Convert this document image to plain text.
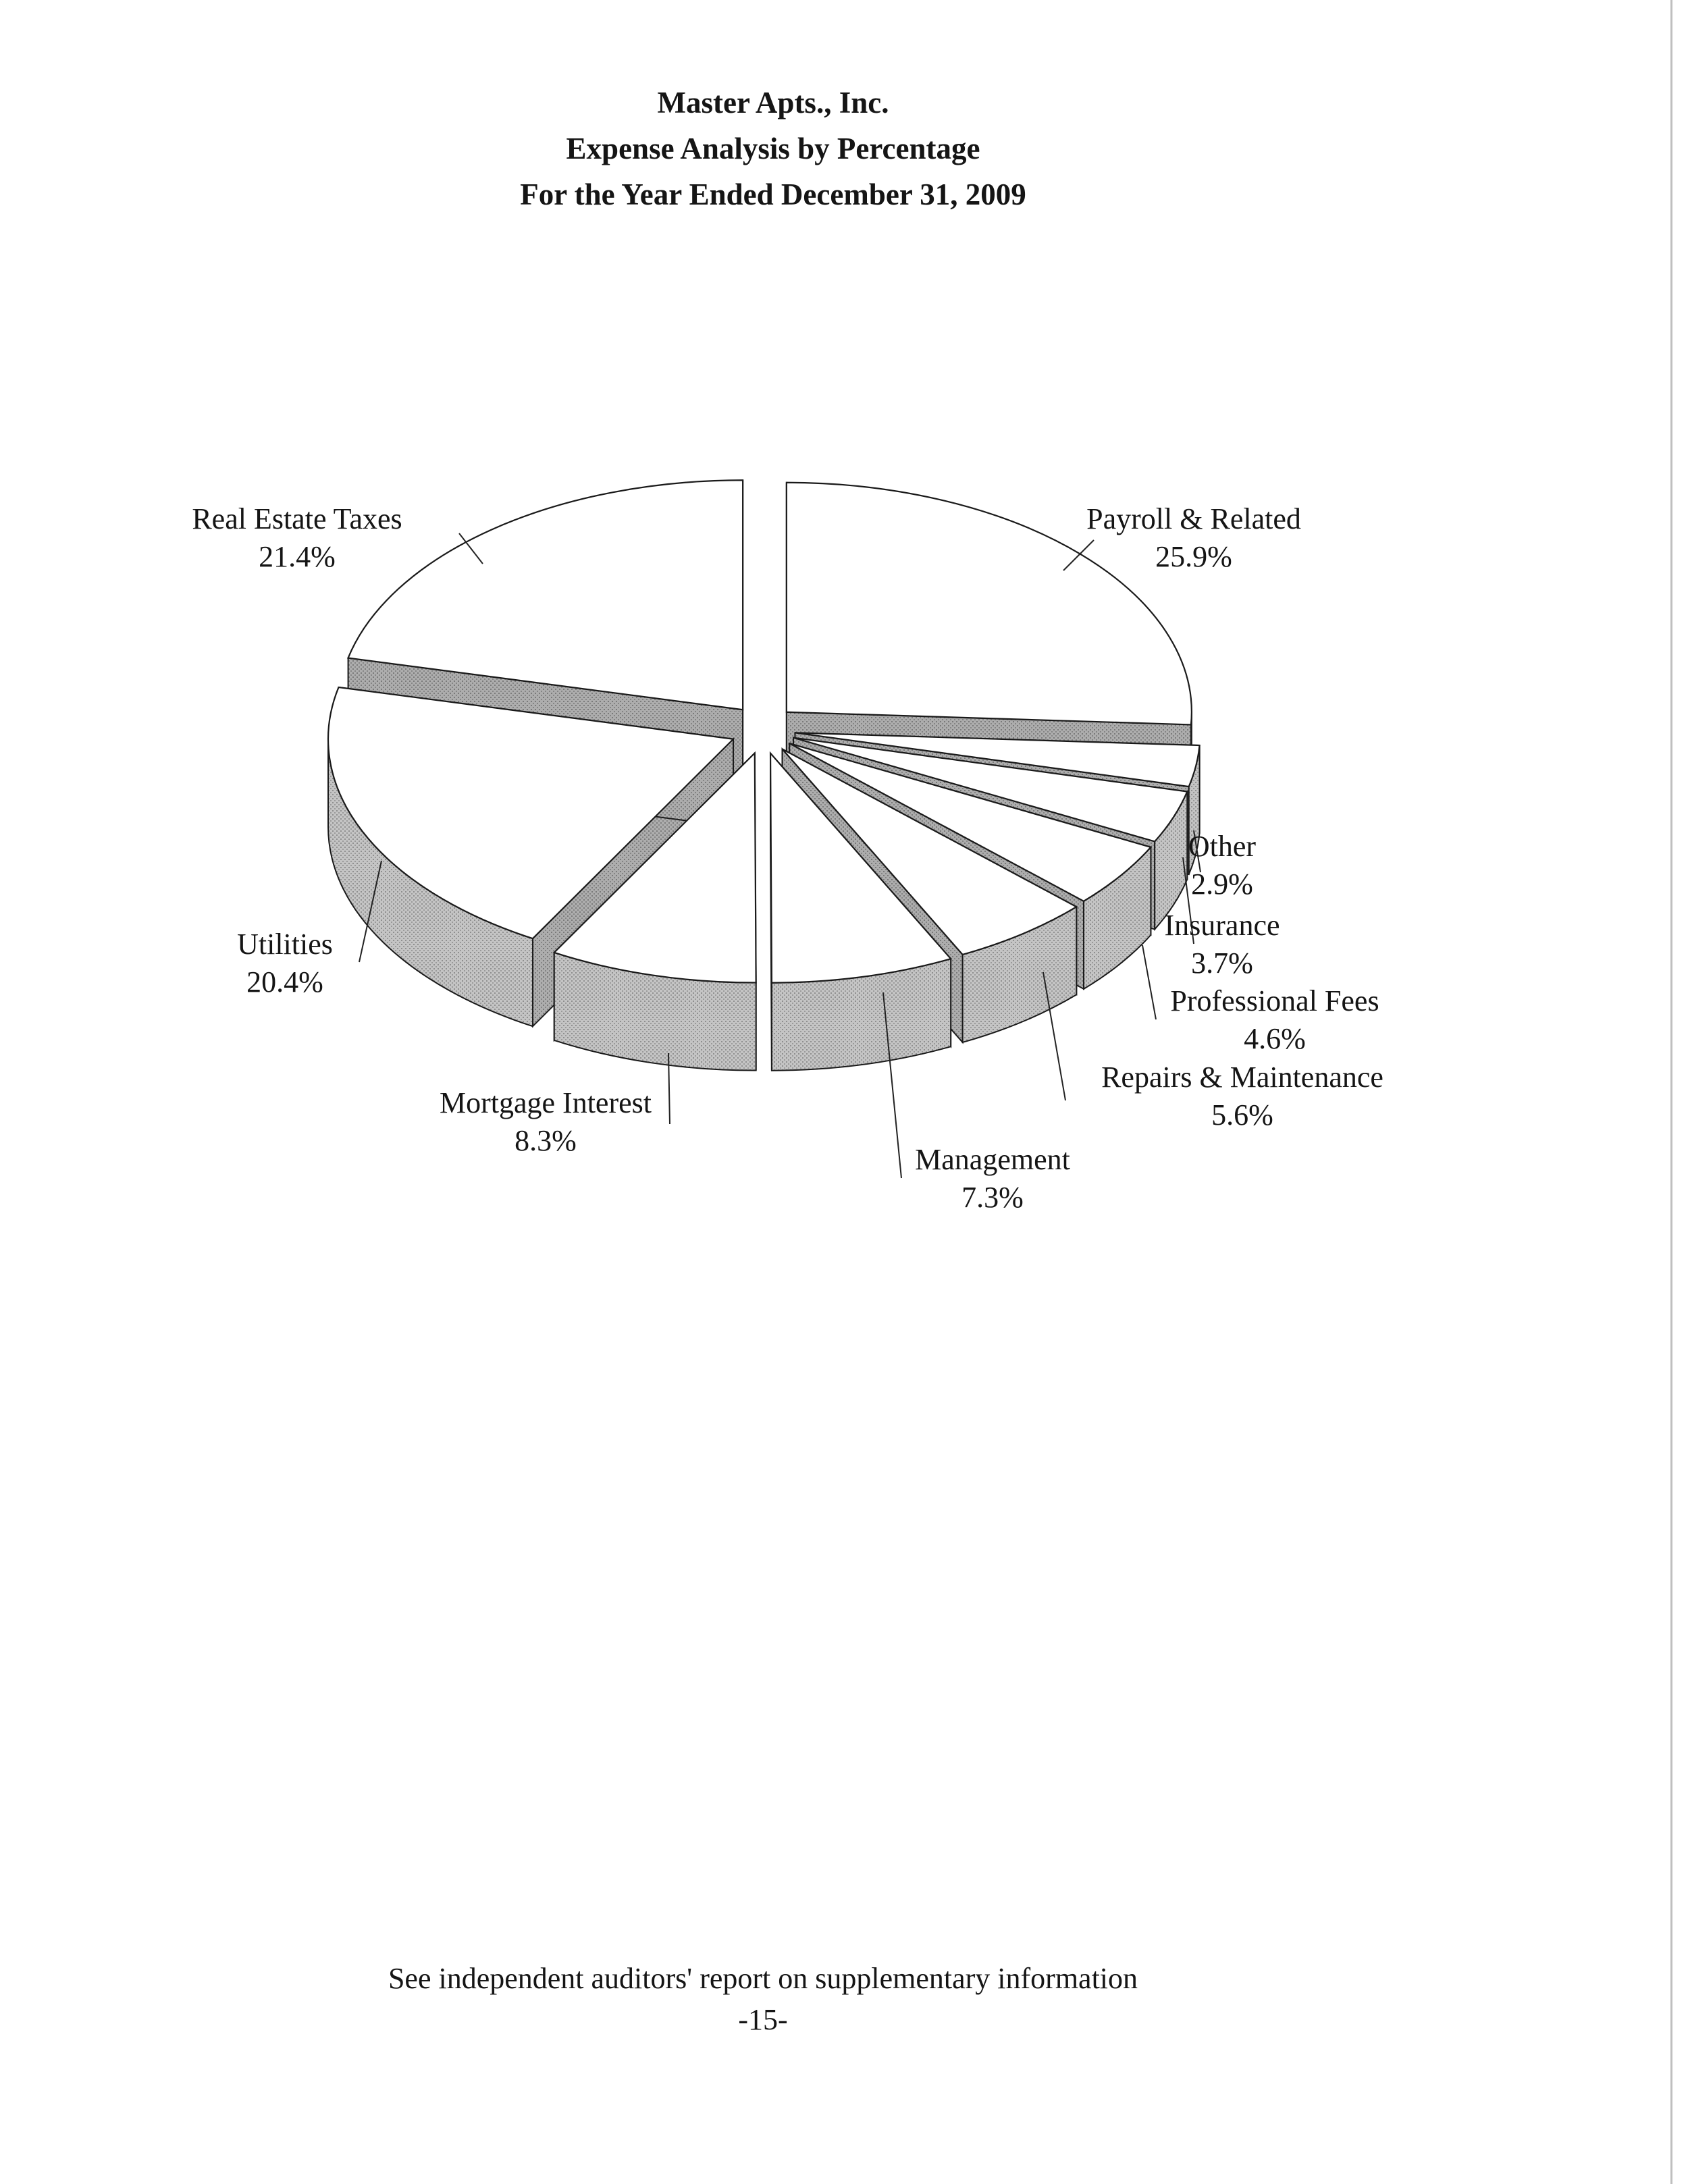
Master Apts., Inc.
Expense Analysis by Percentage
For the Year Ended December 31, 2009
Payroll & Related
25.9%
Other
2.9%
Insurance
3.7%
Professional Fees
4.6%
Repairs & Maintenance
5.6%
Management
7.3%
Mortgage Interest
8.3%
Utilities
20.4%
Real Estate Taxes
21.4%
See independent auditors' report on supplementary information
-15-
